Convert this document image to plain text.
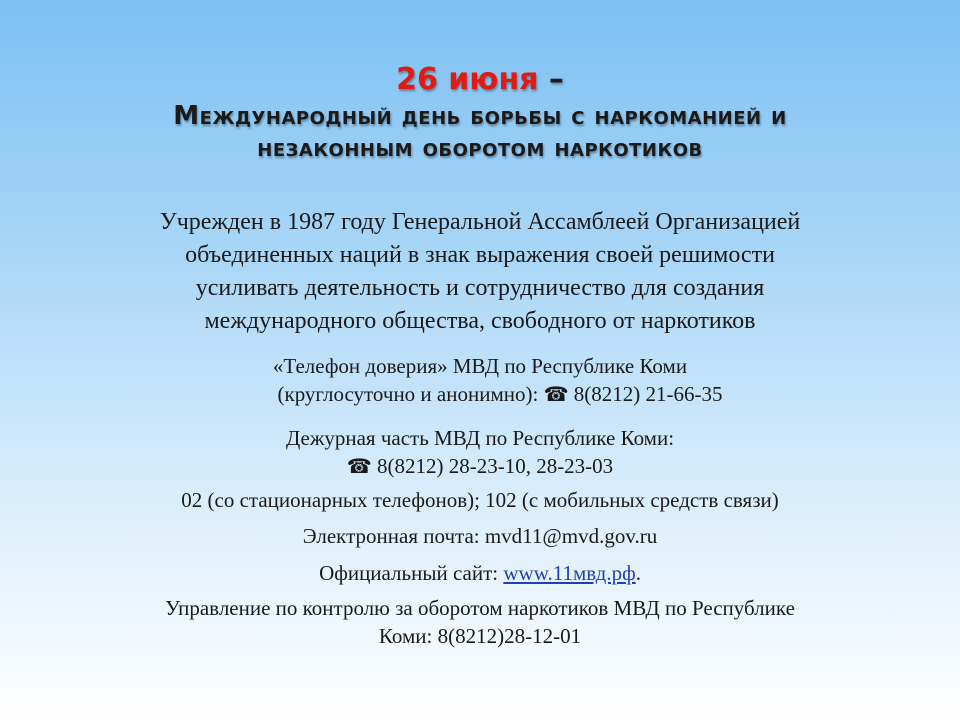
26 июня –
Международный день борьбы с наркоманией и
незаконным оборотом наркотиков
Учрежден в 1987 году Генеральной Ассамблеей Организацией
объединенных наций в знак выражения своей решимости
усиливать деятельность и сотрудничество для создания
международного общества, свободного от наркотиков
«Телефон доверия» МВД по Республике Коми
(круглосуточно и анонимно): ☎ 8(8212) 21-66-35
Дежурная часть МВД по Республике Коми:
☎ 8(8212) 28-23-10, 28-23-03
02 (со стационарных телефонов); 102 (с мобильных средств связи)
Электронная почта: mvd11@mvd.gov.ru
Официальный сайт: www.11мвд.рф.
Управление по контролю за оборотом наркотиков МВД по Республике
Коми: 8(8212)28-12-01
